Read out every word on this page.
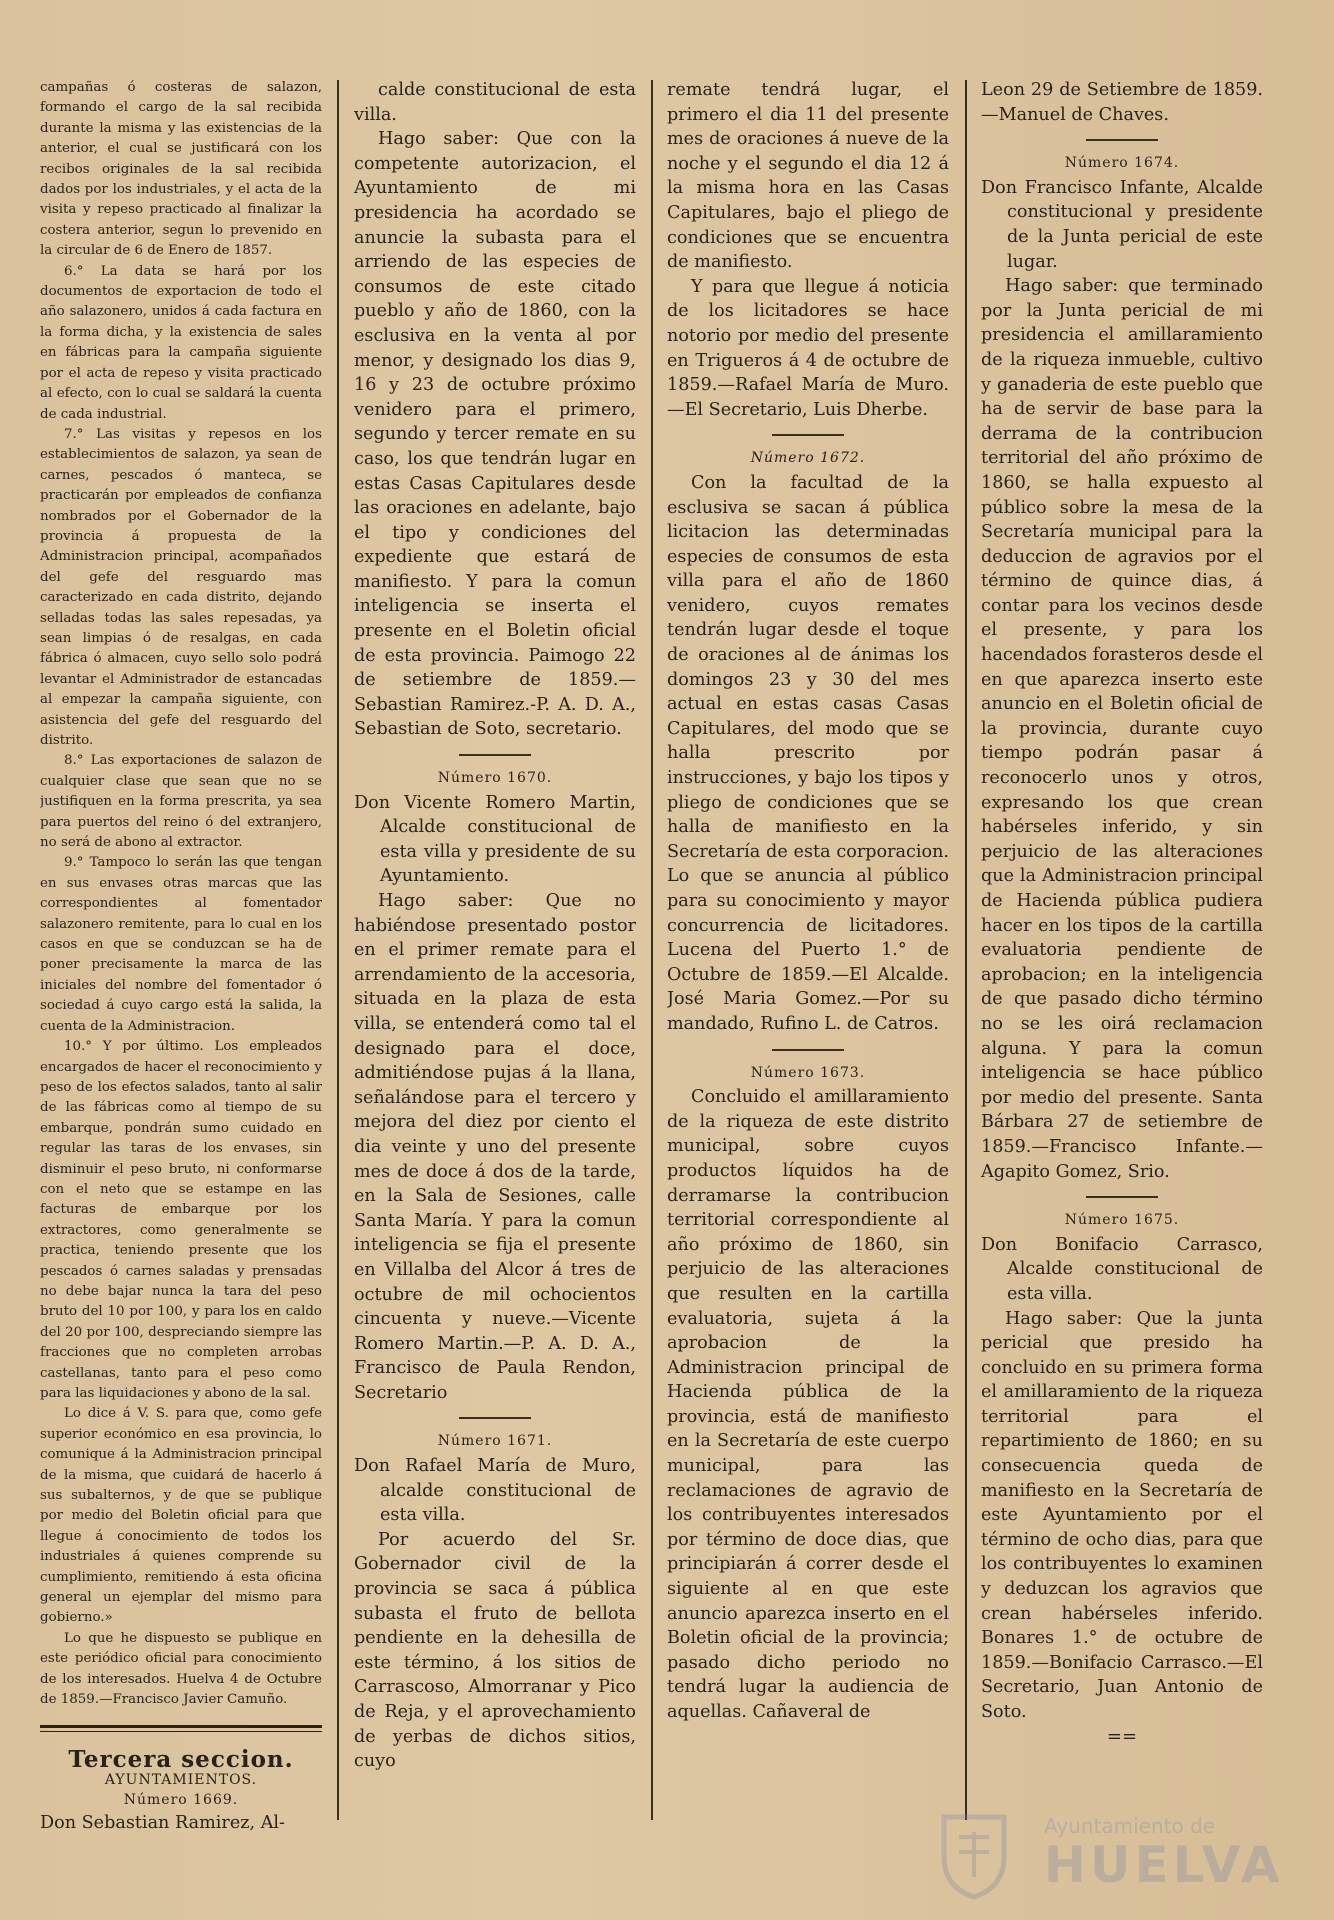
campañas ó costeras de salazon, formando el cargo de la sal recibida durante la misma y las existencias de la anterior, el cual se justificará con los recibos originales de la sal recibida dados por los industriales, y el acta de la visita y repeso practicado al finalizar la costera anterior, segun lo prevenido en la circular de 6 de Enero de 1857.

6.° La data se hará por los documentos de exportacion de todo el año salazonero, unidos á cada factura en la forma dicha, y la existencia de sales en fábricas para la campaña siguiente por el acta de repeso y visita practicado al efecto, con lo cual se saldará la cuenta de cada industrial.

7.° Las visitas y repesos en los establecimientos de salazon, ya sean de carnes, pescados ó manteca, se practicarán por empleados de confianza nombrados por el Gobernador de la provincia á propuesta de la Administracion principal, acompañados del gefe del resguardo mas caracterizado en cada distrito, dejando selladas todas las sales repesadas, ya sean limpias ó de resalgas, en cada fábrica ó almacen, cuyo sello solo podrá levantar el Administrador de estancadas al empezar la campaña siguiente, con asistencia del gefe del resguardo del distrito.

8.° Las exportaciones de salazon de cualquier clase que sean que no se justifiquen en la forma prescrita, ya sea para puertos del reino ó del extranjero, no será de abono al extractor.

9.° Tampoco lo serán las que tengan en sus envases otras marcas que las correspondientes al fomentador salazonero remitente, para lo cual en los casos en que se conduzcan se ha de poner precisamente la marca de las iniciales del nombre del fomentador ó sociedad á cuyo cargo está la salida, la cuenta de la Administracion.

10.° Y por último. Los empleados encargados de hacer el reconocimiento y peso de los efectos salados, tanto al salir de las fábricas como al tiempo de su embarque, pondrán sumo cuidado en regular las taras de los envases, sin disminuir el peso bruto, ni conformarse con el neto que se estampe en las facturas de embarque por los extractores, como generalmente se practica, teniendo presente que los pescados ó carnes saladas y prensadas no debe bajar nunca la tara del peso bruto del 10 por 100, y para los en caldo del 20 por 100, despreciando siempre las fracciones que no completen arrobas castellanas, tanto para el peso como para las liquidaciones y abono de la sal.

Lo dice á V. S. para que, como gefe superior económico en esa provincia, lo comunique á la Administracion principal de la misma, que cuidará de hacerlo á sus subalternos, y de que se publique por medio del Boletin oficial para que llegue á conocimiento de todos los industriales á quienes comprende su cumplimiento, remitiendo á esta oficina general un ejemplar del mismo para gobierno.»

Lo que he dispuesto se publique en este periódico oficial para conocimiento de los interesados. Huelva 4 de Octubre de 1859.—Francisco Javier Camuño.

Tercera seccion.

AYUNTAMIENTOS.

Número 1669.

Don Sebastian Ramirez, Al-

calde constitucional de esta villa.

Hago saber: Que con la competente autorizacion, el Ayuntamiento de mi presidencia ha acordado se anuncie la subasta para el arriendo de las especies de consumos de este citado pueblo y año de 1860, con la esclusiva en la venta al por menor, y designado los dias 9, 16 y 23 de octubre próximo venidero para el primero, segundo y tercer remate en su caso, los que tendrán lugar en estas Casas Capitulares desde las oraciones en adelante, bajo el tipo y condiciones del expediente que estará de manifiesto. Y para la comun inteligencia se inserta el presente en el Boletin oficial de esta provincia. Paimogo 22 de setiembre de 1859.—Sebastian Ramirez.-P. A. D. A., Sebastian de Soto, secretario.

Número 1670.

Don Vicente Romero Martin, Alcalde constitucional de esta villa y presidente de su Ayuntamiento.

Hago saber: Que no habiéndose presentado postor en el primer remate para el arrendamiento de la accesoria, situada en la plaza de esta villa, se entenderá como tal el designado para el doce, admitiéndose pujas á la llana, señalándose para el tercero y mejora del diez por ciento el dia veinte y uno del presente mes de doce á dos de la tarde, en la Sala de Sesiones, calle Santa María. Y para la comun inteligencia se fija el presente en Villalba del Alcor á tres de octubre de mil ochocientos cincuenta y nueve.—Vicente Romero Martin.—P. A. D. A., Francisco de Paula Rendon, Secretario

Número 1671.

Don Rafael María de Muro, alcalde constitucional de esta villa.

Por acuerdo del Sr. Gobernador civil de la provincia se saca á pública subasta el fruto de bellota pendiente en la dehesilla de este término, á los sitios de Carrascoso, Almorranar y Pico de Reja, y el aprovechamiento de yerbas de dichos sitios, cuyo

remate tendrá lugar, el primero el dia 11 del presente mes de oraciones á nueve de la noche y el segundo el dia 12 á la misma hora en las Casas Capitulares, bajo el pliego de condiciones que se encuentra de manifiesto.

Y para que llegue á noticia de los licitadores se hace notorio por medio del presente en Trigueros á 4 de octubre de 1859.—Rafael María de Muro.—El Secretario, Luis Dherbe.

Número 1672.

Con la facultad de la esclusiva se sacan á pública licitacion las determinadas especies de consumos de esta villa para el año de 1860 venidero, cuyos remates tendrán lugar desde el toque de oraciones al de ánimas los domingos 23 y 30 del mes actual en estas casas Casas Capitulares, del modo que se halla prescrito por instrucciones, y bajo los tipos y pliego de condiciones que se halla de manifiesto en la Secretaría de esta corporacion. Lo que se anuncia al público para su conocimiento y mayor concurrencia de licitadores. Lucena del Puerto 1.° de Octubre de 1859.—El Alcalde. José Maria Gomez.—Por su mandado, Rufino L. de Catros.

Número 1673.

Concluido el amillaramiento de la riqueza de este distrito municipal, sobre cuyos productos líquidos ha de derramarse la contribucion territorial correspondiente al año próximo de 1860, sin perjuicio de las alteraciones que resulten en la cartilla evaluatoria, sujeta á la aprobacion de la Administracion principal de Hacienda pública de la provincia, está de manifiesto en la Secretaría de este cuerpo municipal, para las reclamaciones de agravio de los contribuyentes interesados por término de doce dias, que principiarán á correr desde el siguiente al en que este anuncio aparezca inserto en el Boletin oficial de la provincia; pasado dicho periodo no tendrá lugar la audiencia de aquellas. Cañaveral de

Leon 29 de Setiembre de 1859.—Manuel de Chaves.

Número 1674.

Don Francisco Infante, Alcalde constitucional y presidente de la Junta pericial de este lugar.

Hago saber: que terminado por la Junta pericial de mi presidencia el amillaramiento de la riqueza inmueble, cultivo y ganaderia de este pueblo que ha de servir de base para la derrama de la contribucion territorial del año próximo de 1860, se halla expuesto al público sobre la mesa de la Secretaría municipal para la deduccion de agravios por el término de quince dias, á contar para los vecinos desde el presente, y para los hacendados forasteros desde el en que aparezca inserto este anuncio en el Boletin oficial de la provincia, durante cuyo tiempo podrán pasar á reconocerlo unos y otros, expresando los que crean habérseles inferido, y sin perjuicio de las alteraciones que la Administracion principal de Hacienda pública pudiera hacer en los tipos de la cartilla evaluatoria pendiente de aprobacion; en la inteligencia de que pasado dicho término no se les oirá reclamacion alguna. Y para la comun inteligencia se hace público por medio del presente. Santa Bárbara 27 de setiembre de 1859.—Francisco Infante.—Agapito Gomez, Srio.

Número 1675.

Don Bonifacio Carrasco, Alcalde constitucional de esta villa.

Hago saber: Que la junta pericial que presido ha concluido en su primera forma el amillaramiento de la riqueza territorial para el repartimiento de 1860; en su consecuencia queda de manifiesto en la Secretaría de este Ayuntamiento por el término de ocho dias, para que los contribuyentes lo examinen y deduzcan los agravios que crean habérseles inferido. Bonares 1.° de octubre de 1859.—Bonifacio Carrasco.—El Secretario, Juan Antonio de Soto.

==

Ayuntamiento de
HUELVA
